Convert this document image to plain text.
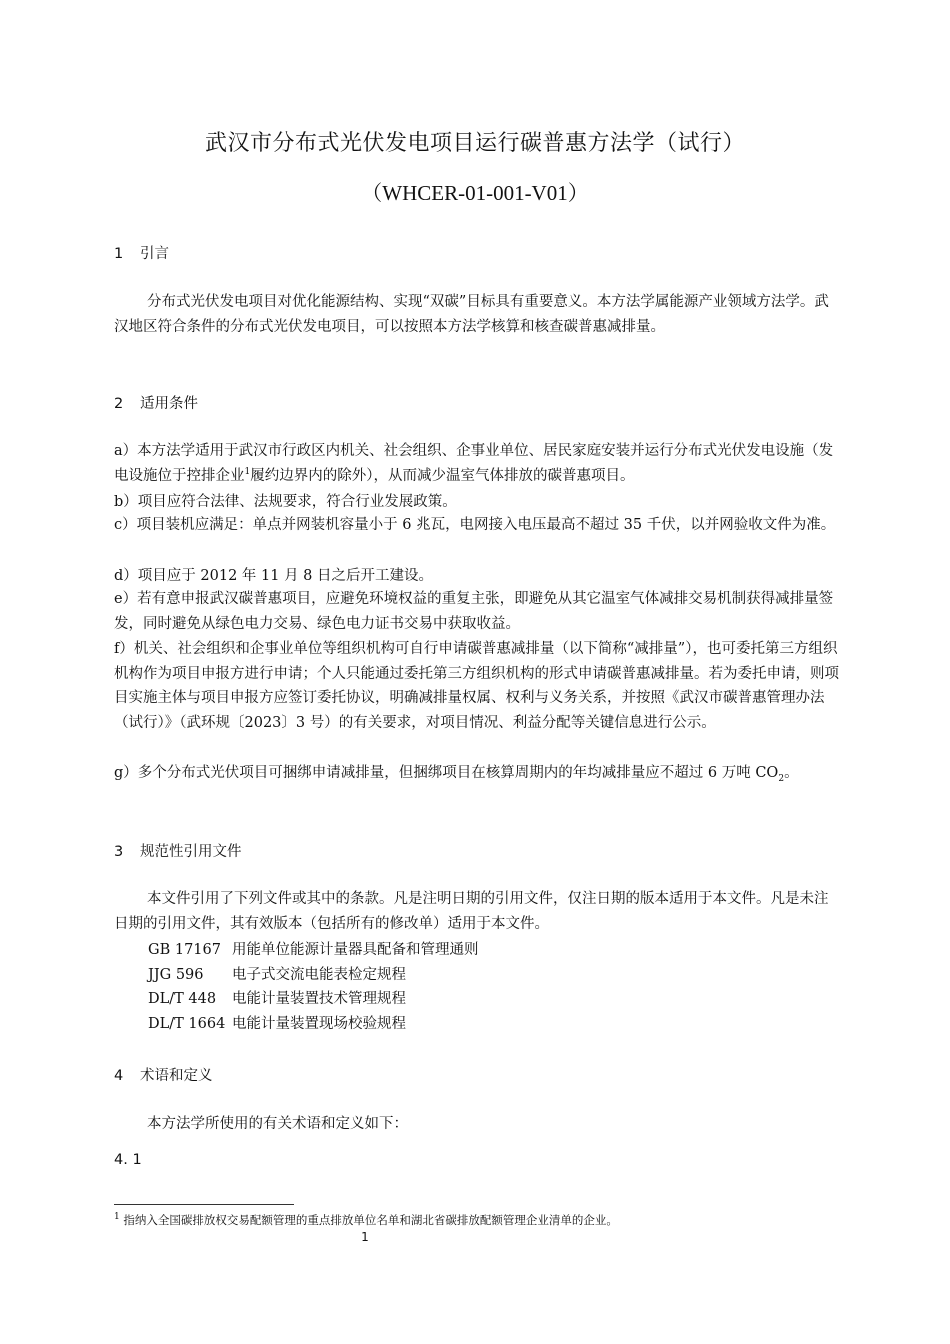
武汉市分布式光伏发电项目运行碳普惠方法学（试行）
（WHCER-01-001-V01）
1 引言
分布式光伏发电项目对优化能源结构、实现“双碳”目标具有重要意义。本方法学属能源产业领域方法学。武汉地区符合条件的分布式光伏发电项目，可以按照本方法学核算和核查碳普惠减排量。
2 适用条件
a）本方法学适用于武汉市行政区内机关、社会组织、企事业单位、居民家庭安装并运行分布式光伏发电设施（发电设施位于控排企业$^1$履约边界内的除外），从而减少温室气体排放的碳普惠项目。
b）项目应符合法律、法规要求，符合行业发展政策。
c）项目装机应满足：单点并网装机容量小于 6 兆瓦，电网接入电压最高不超过 35 千伏，以并网验收文件为准。
d）项目应于 2012 年 11 月 8 日之后开工建设。
e）若有意申报武汉碳普惠项目，应避免环境权益的重复主张，即避免从其它温室气体减排交易机制获得减排量签发，同时避免从绿色电力交易、绿色电力证书交易中获取收益。
f）机关、社会组织和企事业单位等组织机构可自行申请碳普惠减排量（以下简称“减排量”），也可委托第三方组织机构作为项目申报方进行申请；个人只能通过委托第三方组织机构的形式申请碳普惠减排量。若为委托申请，则项目实施主体与项目申报方应签订委托协议，明确减排量权属、权利与义务关系，并按照《武汉市碳普惠管理办法（试行）》（武环规〔2023〕3 号）的有关要求，对项目情况、利益分配等关键信息进行公示。
g）多个分布式光伏项目可捆绑申请减排量，但捆绑项目在核算周期内的年均减排量应不超过 6 万吨 $CO_2$。
3 规范性引用文件
本文件引用了下列文件或其中的条款。凡是注明日期的引用文件，仅注日期的版本适用于本文件。凡是未注日期的引用文件，其有效版本（包括所有的修改单）适用于本文件。
GB 17167 用能单位能源计量器具配备和管理通则
JJG 596 电子式交流电能表检定规程
DL/T 448 电能计量装置技术管理规程
DL/T 1664 电能计量装置现场校验规程
4 术语和定义
本方法学所使用的有关术语和定义如下：
4. 1
$^1$ 指纳入全国碳排放权交易配额管理的重点排放单位名单和湖北省碳排放配额管理企业清单的企业。
1
